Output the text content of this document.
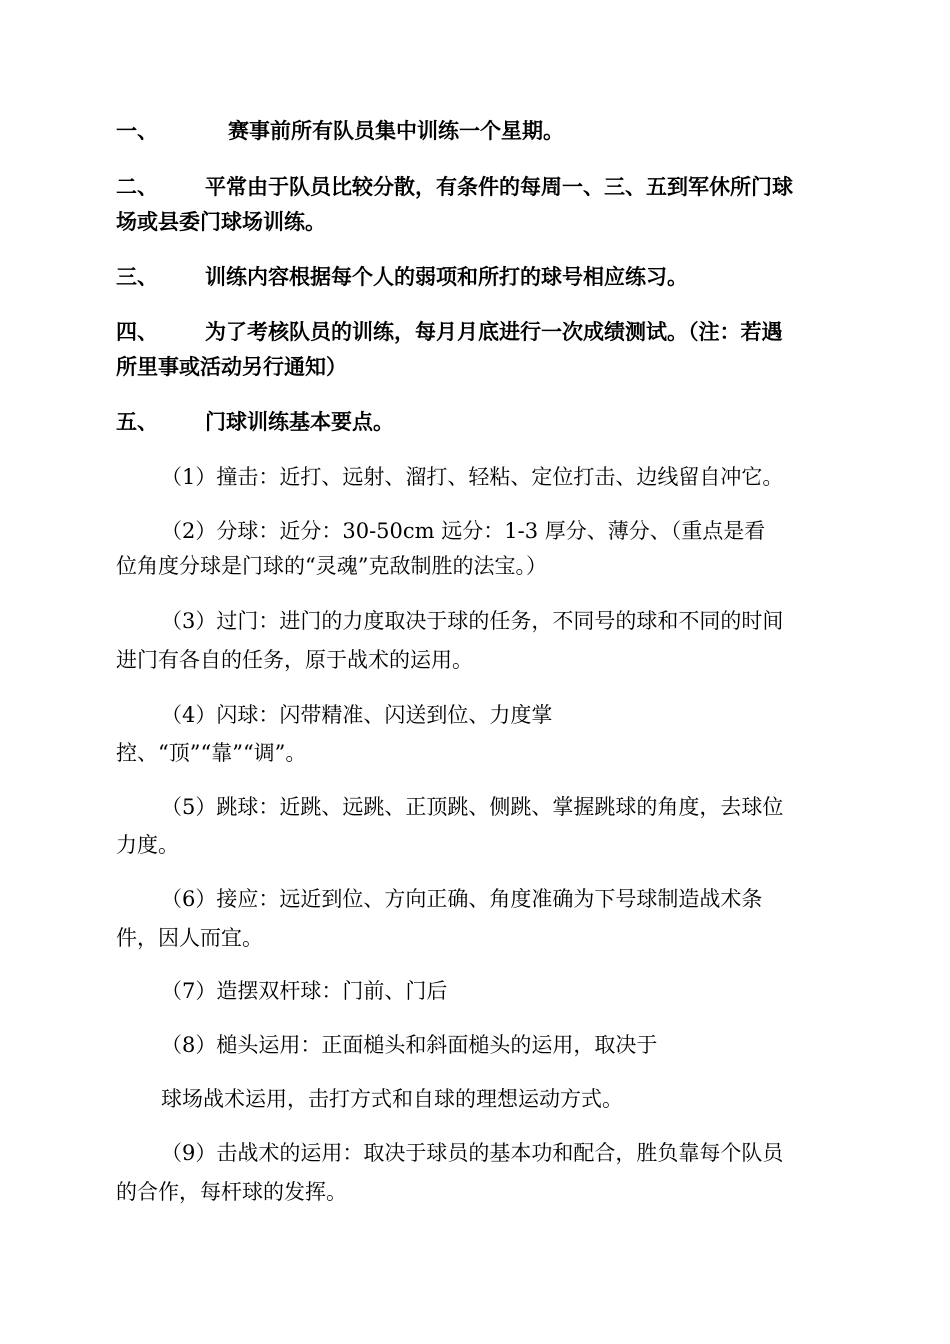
一、	赛事前所有队员集中训练一个星期。
二、 平常由于队员比较分散，有条件的每周一、三、五到军休所门球
场或县委门球场训练。
三、 训练内容根据每个人的弱项和所打的球号相应练习。
四、 为了考核队员的训练，每月月底进行一次成绩测试。（注：若遇
所里事或活动另行通知）
五、 门球训练基本要点。
（1）撞击：近打、远射、溜打、轻粘、定位打击、边线留自冲它。
（2）分球：近分：30-50cm 远分：1-3 厚分、薄分、（重点是看
位角度分球是门球的“灵魂”克敌制胜的法宝。）
（3）过门：进门的力度取决于球的任务，不同号的球和不同的时间
进门有各自的任务，原于战术的运用。
（4）闪球：闪带精准、闪送到位、力度掌
控、“顶”“靠”“调”。
（5）跳球：近跳、远跳、正顶跳、侧跳、掌握跳球的角度，去球位
力度。
（6）接应：远近到位、方向正确、角度准确为下号球制造战术条
件，因人而宜。
（7）造摆双杆球：门前、门后
（8）槌头运用：正面槌头和斜面槌头的运用，取决于
球场战术运用，击打方式和自球的理想运动方式。
（9）击战术的运用：取决于球员的基本功和配合，胜负靠每个队员
的合作，每杆球的发挥。
